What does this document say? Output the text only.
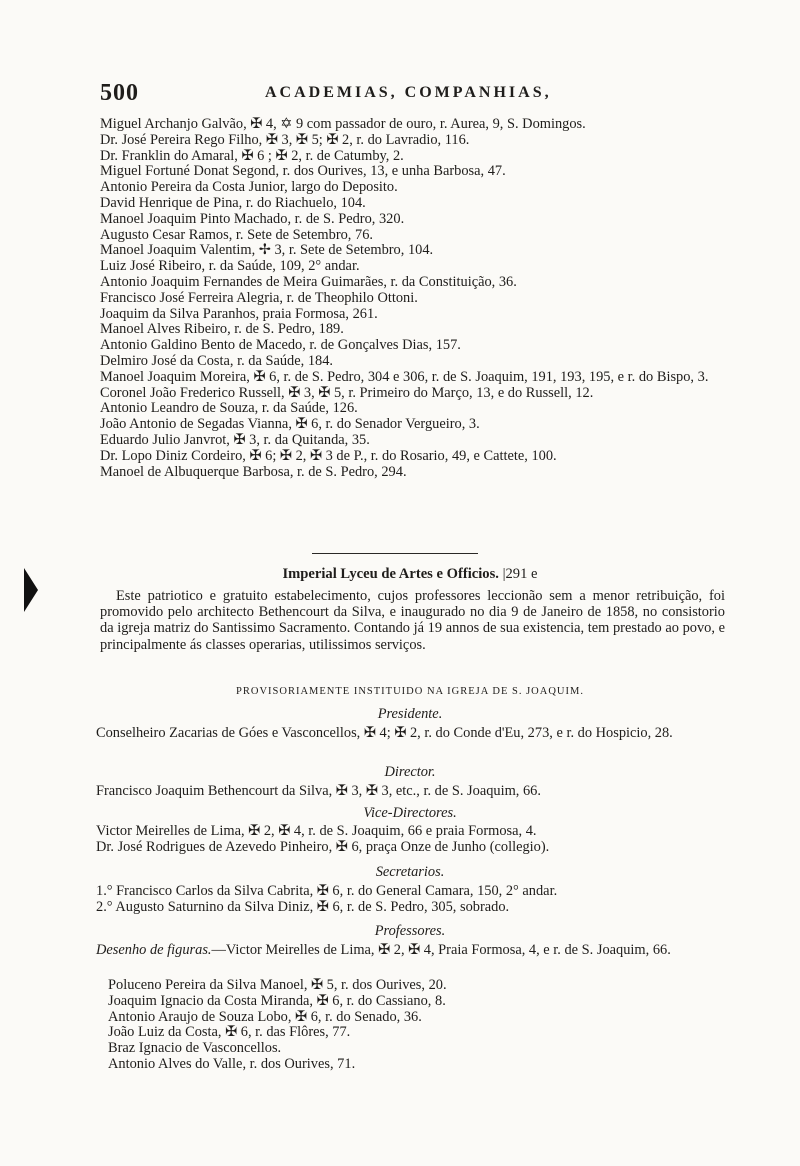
500	ACADEMIAS, COMPANHIAS,
Miguel Archanjo Galvão, ✠ 4, ✡ 9 com passador de ouro, r. Aurea, 9, S. Domingos.
Dr. José Pereira Rego Filho, ✠ 3, ✠ 5; ✠ 2, r. do Lavradio, 116.
Dr. Franklin do Amaral, ✠ 6 ; ✠ 2, r. de Catumby, 2.
Miguel Fortuné Donat Segond, r. dos Ourives, 13, e unha Barbosa, 47.
Antonio Pereira da Costa Junior, largo do Deposito.
David Henrique de Pina, r. do Riachuelo, 104.
Manoel Joaquim Pinto Machado, r. de S. Pedro, 320.
Augusto Cesar Ramos, r. Sete de Setembro, 76.
Manoel Joaquim Valentim, ✢ 3, r. Sete de Setembro, 104.
Luiz José Ribeiro, r. da Saúde, 109, 2° andar.
Antonio Joaquim Fernandes de Meira Guimarães, r. da Constituição, 36.
Francisco José Ferreira Alegria, r. de Theophilo Ottoni.
Joaquim da Silva Paranhos, praia Formosa, 261.
Manoel Alves Ribeiro, r. de S. Pedro, 189.
Antonio Galdino Bento de Macedo, r. de Gonçalves Dias, 157.
Delmiro José da Costa, r. da Saúde, 184.
Manoel Joaquim Moreira, ✠ 6, r. de S. Pedro, 304 e 306, r. de S. Joaquim, 191, 193, 195, e r. do Bispo, 3.
Coronel João Frederico Russell, ✠ 3, ✠ 5, r. Primeiro do Março, 13, e do Russell, 12.
Antonio Leandro de Souza, r. da Saúde, 126.
João Antonio de Segadas Vianna, ✠ 6, r. do Senador Vergueiro, 3.
Eduardo Julio Janvrot, ✠ 3, r. da Quitanda, 35.
Dr. Lopo Diniz Cordeiro, ✠ 6; ✠ 2, ✠ 3 de P., r. do Rosario, 49, e Cattete, 100.
Manoel de Albuquerque Barbosa, r. de S. Pedro, 294.
Imperial Lyceu de Artes e Officios. |291 e
Este patriotico e gratuito estabelecimento, cujos professores leccionão sem a menor retribuição, foi promovido pelo architecto Bethencourt da Silva, e inaugurado no dia 9 de Janeiro de 1858, no consistorio da igreja matriz do Santissimo Sacramento. Contando já 19 annos de sua existencia, tem prestado ao povo, e principalmente ás classes operarias, utilissimos serviços.
PROVISORIAMENTE INSTITUIDO NA IGREJA DE S. JOAQUIM.
Presidente.
Conselheiro Zacarias de Góes e Vasconcellos, ✠ 4; ✠ 2, r. do Conde d'Eu, 273, e r. do Hospicio, 28.
Director.
Francisco Joaquim Bethencourt da Silva, ✠ 3, ✠ 3, etc., r. de S. Joaquim, 66.
Vice-Directores.
Victor Meirelles de Lima, ✠ 2, ✠ 4, r. de S. Joaquim, 66 e praia Formosa, 4.
Dr. José Rodrigues de Azevedo Pinheiro, ✠ 6, praça Onze de Junho (collegio).
Secretarios.
1.° Francisco Carlos da Silva Cabrita, ✠ 6, r. do General Camara, 150, 2° andar.
2.° Augusto Saturnino da Silva Diniz, ✠ 6, r. de S. Pedro, 305, sobrado.
Professores.
Desenho de figuras.—Victor Meirelles de Lima, ✠ 2, ✠ 4, Praia Formosa, 4, e r. de S. Joaquim, 66.
Poluceno Pereira da Silva Manoel, ✠ 5, r. dos Ourives, 20.
Joaquim Ignacio da Costa Miranda, ✠ 6, r. do Cassiano, 8.
Antonio Araujo de Souza Lobo, ✠ 6, r. do Senado, 36.
João Luiz da Costa, ✠ 6, r. das Flôres, 77.
Braz Ignacio de Vasconcellos.
Antonio Alves do Valle, r. dos Ourives, 71.
